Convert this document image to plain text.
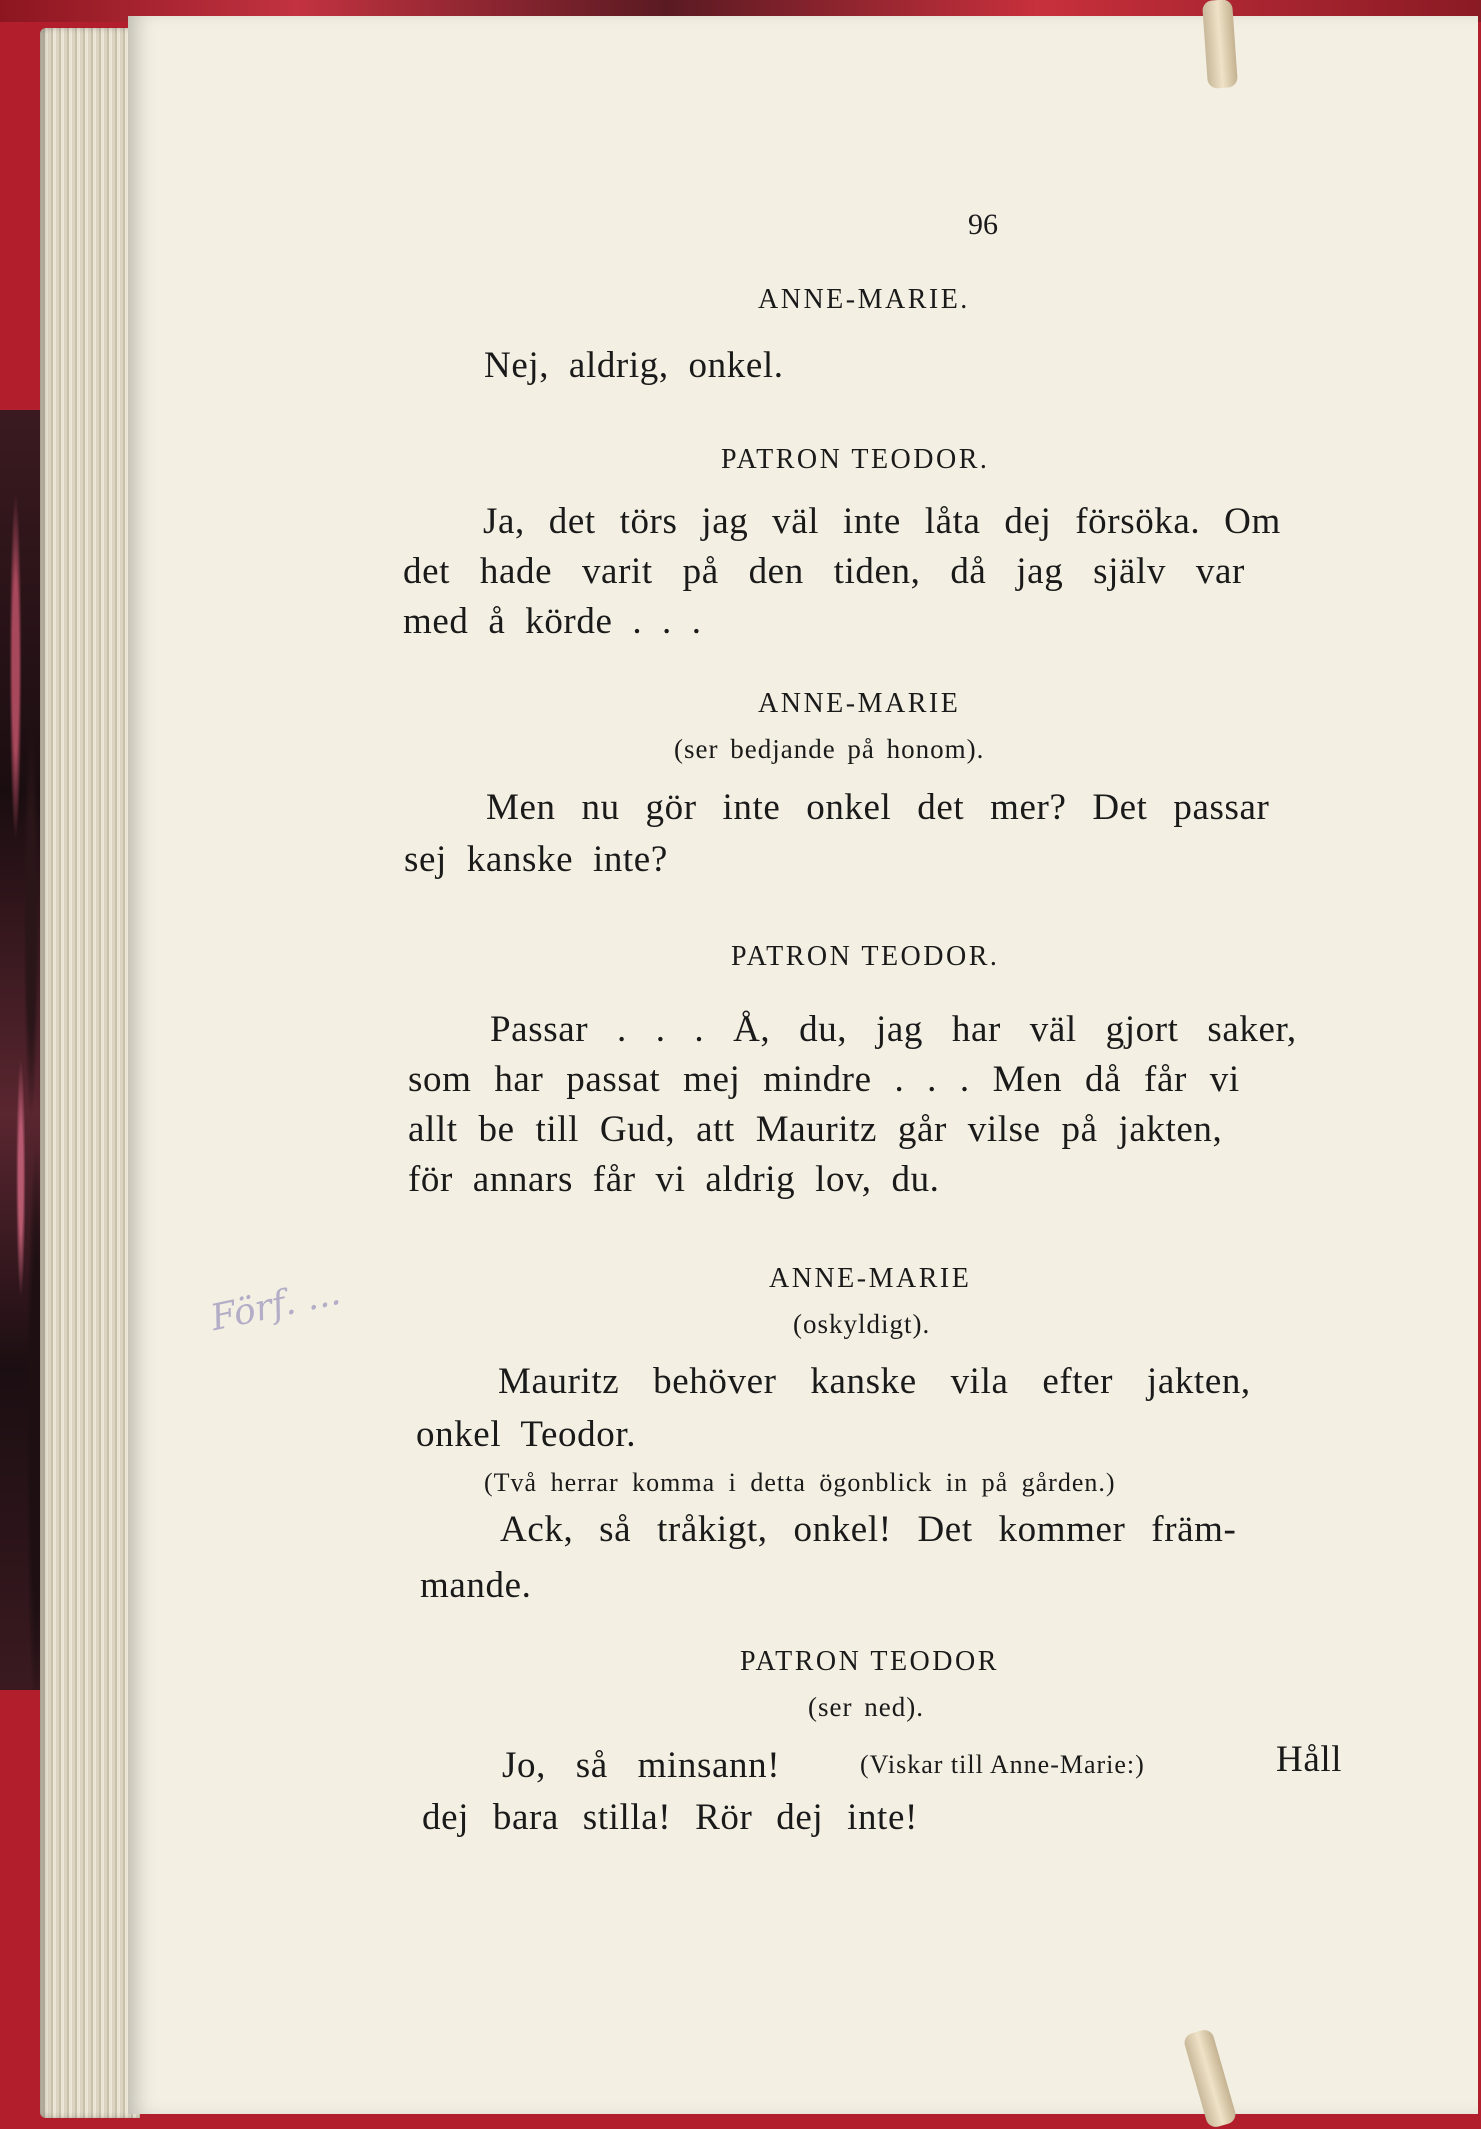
96
ANNE-MARIE.
Nej, aldrig, onkel.
PATRON TEODOR.
Ja, det törs jag väl inte låta dej försöka. Om
det hade varit på den tiden, då jag själv var
med å körde . . .
ANNE-MARIE
(ser bedjande på honom).
Men nu gör inte onkel det mer? Det passar
sej kanske inte?
PATRON TEODOR.
Passar . . . Å, du, jag har väl gjort saker,
som har passat mej mindre . . . Men då får vi
allt be till Gud, att Mauritz går vilse på jakten,
för annars får vi aldrig lov, du.
ANNE-MARIE
(oskyldigt).
Mauritz behöver kanske vila efter jakten,
onkel Teodor.
(Två herrar komma i detta ögonblick in på gården.)
Ack, så tråkigt, onkel! Det kommer främ-
mande.
PATRON TEODOR
(ser ned).
Jo, så minsann!	(Viskar till Anne-Marie:)	Håll
dej bara stilla! Rör dej inte!
Förf. ...
